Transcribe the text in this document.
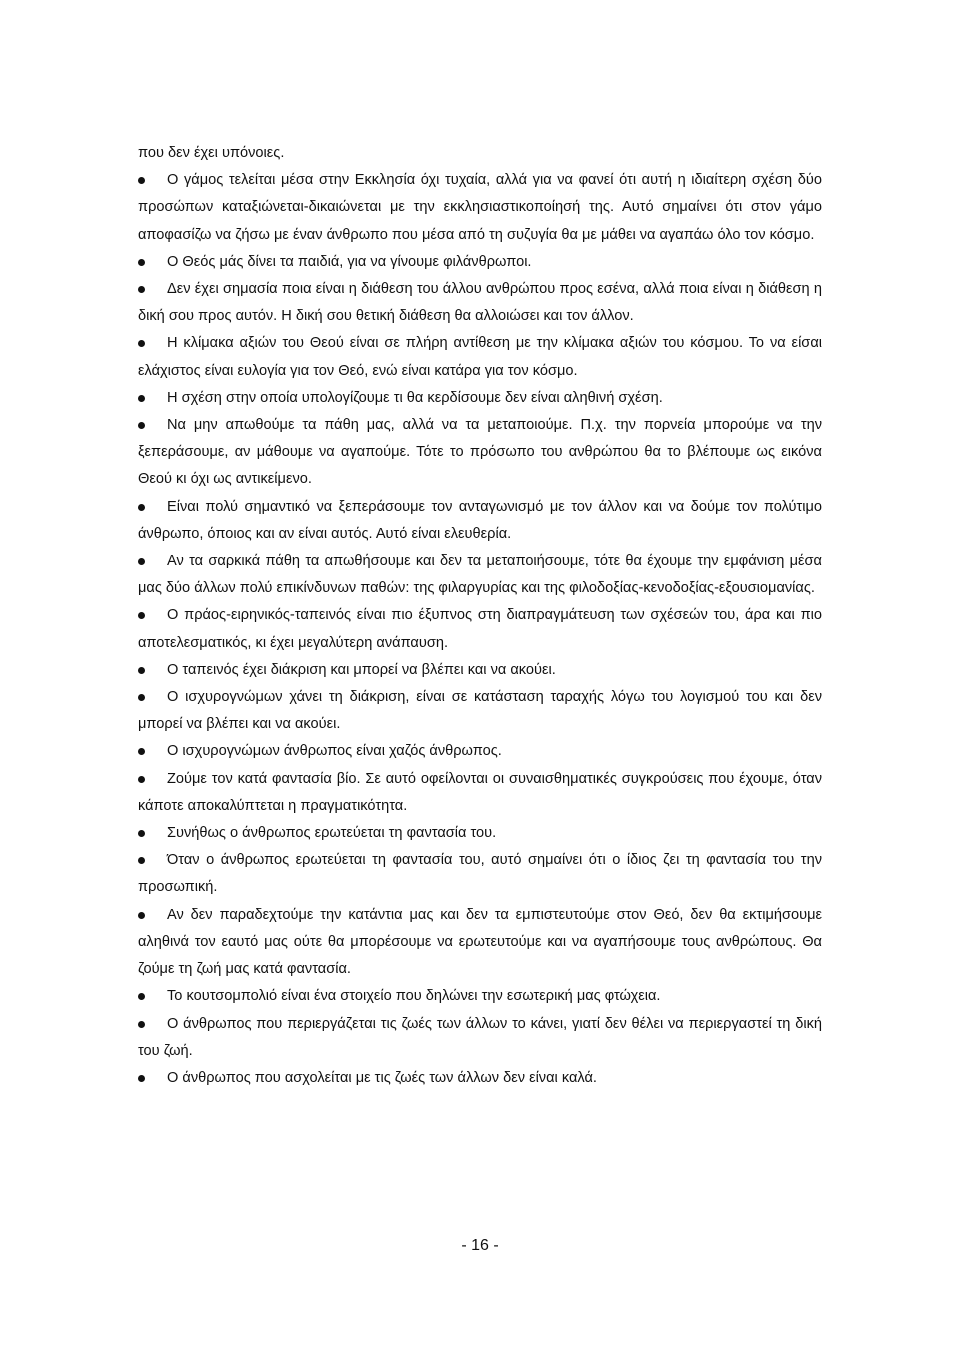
που δεν έχει υπόνοιες.

Ο γάμος τελείται μέσα στην Εκκλησία όχι τυχαία, αλλά για να φανεί ότι αυτή η ιδιαίτερη σχέση δύο προσώπων καταξιώνεται-δικαιώνεται με την εκκλησιαστικοποίησή της. Αυτό σημαίνει ότι στον γάμο αποφασίζω να ζήσω με έναν άνθρωπο που μέσα από τη συζυγία θα με μάθει να αγαπάω όλο τον κόσμο.
Ο Θεός μάς δίνει τα παιδιά, για να γίνουμε φιλάνθρωποι.
Δεν έχει σημασία ποια είναι η διάθεση του άλλου ανθρώπου προς εσένα, αλλά ποια είναι η διάθεση η δική σου προς αυτόν. Η δική σου θετική διάθεση θα αλλοιώσει και τον άλλον.
Η κλίμακα αξιών του Θεού είναι σε πλήρη αντίθεση με την κλίμακα αξιών του κόσμου. Το να είσαι ελάχιστος είναι ευλογία για τον Θεό, ενώ είναι κατάρα για τον κόσμο.
Η σχέση στην οποία υπολογίζουμε τι θα κερδίσουμε δεν είναι αληθινή σχέση.
Να μην απωθούμε τα πάθη μας, αλλά να τα μεταποιούμε. Π.χ. την πορνεία μπορούμε να την ξεπεράσουμε, αν μάθουμε να αγαπούμε. Τότε το πρόσωπο του ανθρώπου θα το βλέπουμε ως εικόνα Θεού κι όχι ως αντικείμενο.
Είναι πολύ σημαντικό να ξεπεράσουμε τον ανταγωνισμό με τον άλλον και να δούμε τον πολύτιμο άνθρωπο, όποιος και αν είναι αυτός. Αυτό είναι ελευθερία.
Αν τα σαρκικά πάθη τα απωθήσουμε και δεν τα μεταποιήσουμε, τότε θα έχουμε την εμφάνιση μέσα μας δύο άλλων πολύ επικίνδυνων παθών: της φιλαργυρίας και της φιλοδοξίας-κενοδοξίας-εξουσιομανίας.
Ο πράος-ειρηνικός-ταπεινός είναι πιο έξυπνος στη διαπραγμάτευση των σχέσεών του, άρα και πιο αποτελεσματικός, κι έχει μεγαλύτερη ανάπαυση.
Ο ταπεινός έχει διάκριση και μπορεί να βλέπει και να ακούει.
Ο ισχυρογνώμων χάνει τη διάκριση, είναι σε κατάσταση ταραχής λόγω του λογισμού του και δεν μπορεί να βλέπει και να ακούει.
Ο ισχυρογνώμων άνθρωπος είναι χαζός άνθρωπος.
Ζούμε τον κατά φαντασία βίο. Σε αυτό οφείλονται οι συναισθηματικές συγκρούσεις που έχουμε, όταν κάποτε αποκαλύπτεται η πραγματικότητα.
Συνήθως ο άνθρωπος ερωτεύεται τη φαντασία του.
Όταν ο άνθρωπος ερωτεύεται τη φαντασία του, αυτό σημαίνει ότι ο ίδιος ζει τη φαντασία του την προσωπική.
Αν δεν παραδεχτούμε την κατάντια μας και δεν τα εμπιστευτούμε στον Θεό, δεν θα εκτιμήσουμε αληθινά τον εαυτό μας ούτε θα μπορέσουμε να ερωτευτούμε και να αγαπήσουμε τους ανθρώπους. Θα ζούμε τη ζωή μας κατά φαντασία.
Το κουτσομπολιό είναι ένα στοιχείο που δηλώνει την εσωτερική μας φτώχεια.
Ο άνθρωπος που περιεργάζεται τις ζωές των άλλων το κάνει, γιατί δεν θέλει να περιεργαστεί τη δική του ζωή.
Ο άνθρωπος που ασχολείται με τις ζωές των άλλων δεν είναι καλά.
- 16 -
